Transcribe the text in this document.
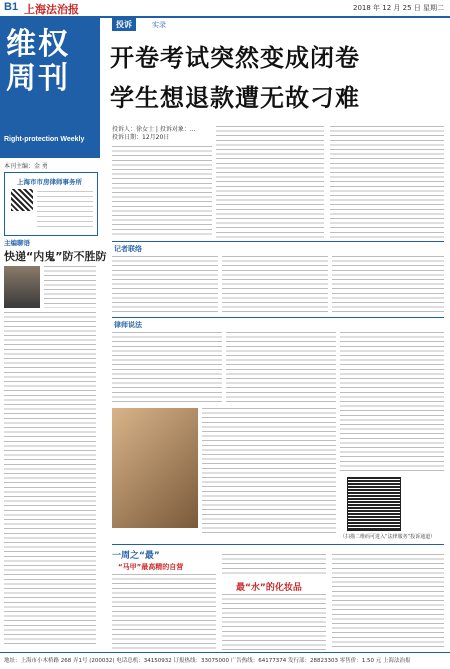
B1 上海法治报	2018 年 12 月 25 日 星期二
维权
周刊
Right-protection Weekly
本刊主编：金 勇
上海市市房律师事务所
主编聊语
快递“内鬼”防不胜防
投诉	实录
开卷考试突然变成闭卷
学生想退款遭无故刁难
投诉人：徐女士 | 投诉对象：...
投诉日期：12月20日
记者联络
律师说法
（扫描二维码可进入“法律服务”投诉通道）
一周之“最”
“马甲”最高精的自营
最“水”的化妆品
地址：上海市小木桥路 268 弄1号 (200032) 电话总机：34150932 订报热线：33075000 广告热线：64177374 发行部：28823303 零售价：1.50 元 上海法治报
